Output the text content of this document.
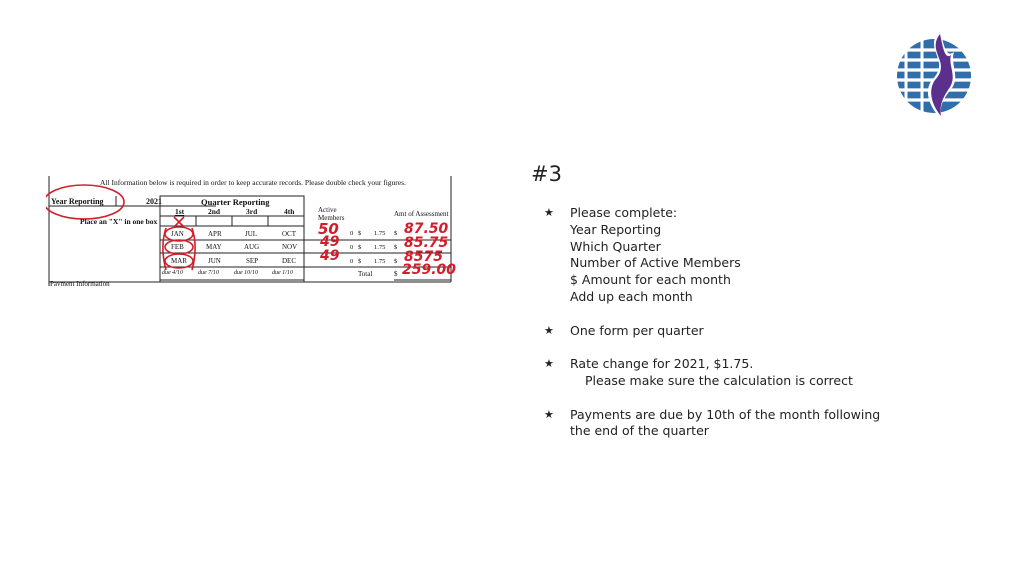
#3
★	Please complete:
Year Reporting
Which Quarter
Number of Active Members
$ Amount for each month
Add up each month
★	One form per quarter
★	Rate change for 2021, $1.75.
Please make sure the calculation is correct
★	Payments are due by 10th of the month following
the end of the quarter
All Information below is required in order to keep accurate records. Please double check your figures.
Year Reporting	2021	Quarter Reporting
Place an "X" in one box
1st	2nd	3rd	4th
JAN	APR	JUL	OCT
FEB	MAY	AUG	NOV
MAR	JUN	SEP	DEC
due 4/10	due 7/10	due 10/10 due 1/10
Active Members	Amt of Assessment
50 0 $ 1.75 $ 87.50
49 0 $ 1.75 $ 85.75
49 0 $ 1.75 $ 8575
Total	$ 259.00
Payment Information
